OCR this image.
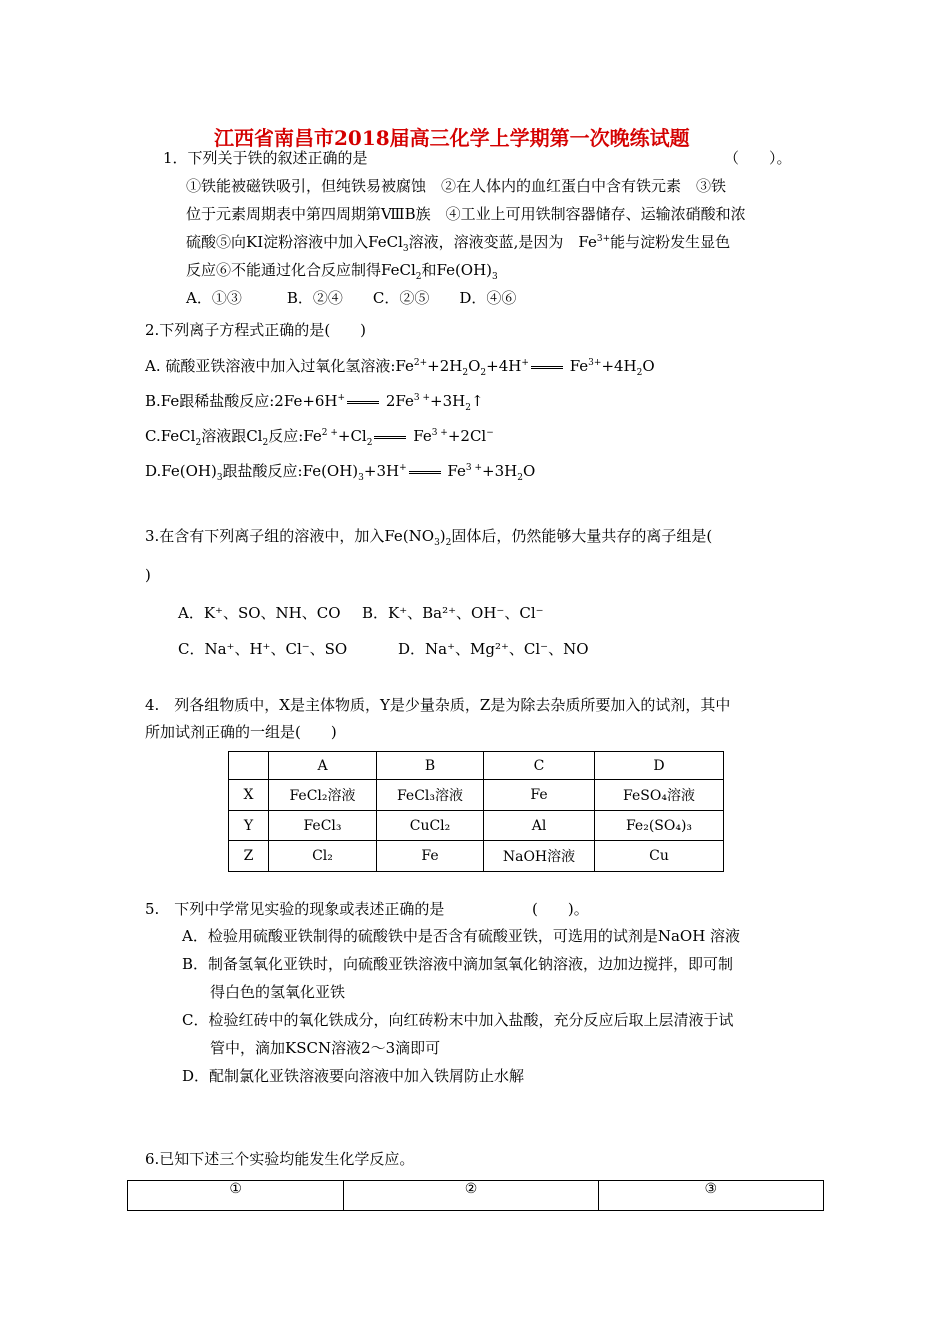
江西省南昌市2018届高三化学上学期第一次晚练试题
1．下列关于铁的叙述正确的是	（　　）。
①铁能被磁铁吸引，但纯铁易被腐蚀　②在人体内的血红蛋白中含有铁元素　③铁
位于元素周期表中第四周期第ⅧB族　④工业上可用铁制容器储存、运输浓硝酸和浓
硫酸⑤向KI淀粉溶液中加入FeCl$_3$溶液，溶液变蓝,是因为　$Fe^{3+}$能与淀粉发生显色
反应⑥不能通过化合反应制得FeCl$_2$和$Fe(OH)_3$
A．①③　　　B．②④　　C．②⑤　　D．④⑥
2.下列离子方程式正确的是(　　)
A. 硫酸亚铁溶液中加入过氧化氢溶液$:Fe^{2+}+2H_2O_2+4H^+$	$Fe^{3+}+4H_2O$
B.Fe跟稀盐酸反应:2Fe+6H+	$2Fe^{3 +}+3H_2↑$
C.FeCl$_2$溶液跟$Cl_2$反应$:Fe^{2 +}+Cl_2$	$Fe^{3 +}+2Cl^-$
$D.Fe(OH)_3$跟盐酸反应$:Fe(OH)_3+3H^+$	$Fe^{3 +}+3H_2O$
3.在含有下列离子组的溶液中，加入$Fe(NO_3)_2$固体后，仍然能够大量共存的离子组是(
)
A．K⁺、SO、NH、CO B．K⁺、Ba²⁺、OH⁻、Cl⁻
C．Na⁺、H⁺、Cl⁻、SO	D．Na⁺、Mg²⁺、Cl⁻、NO
4.　列各组物质中，X是主体物质，Y是少量杂质，Z是为除去杂质所要加入的试剂，其中
所加试剂正确的一组是(　　)
	A	B	C	D
X	FeCl₂溶液	FeCl₃溶液	Fe	FeSO₄溶液
Y	FeCl₃	CuCl₂	Al	Fe₂(SO₄)₃
Z	Cl₂	Fe	NaOH溶液	Cu
5.　下列中学常见实验的现象或表述正确的是	(　　)。
A．检验用硫酸亚铁制得的硫酸铁中是否含有硫酸亚铁，可选用的试剂是NaOH 溶液
B．制备氢氧化亚铁时，向硫酸亚铁溶液中滴加氢氧化钠溶液，边加边搅拌，即可制
得白色的氢氧化亚铁
C．检验红砖中的氧化铁成分，向红砖粉末中加入盐酸，充分反应后取上层清液于试
管中，滴加KSCN溶液2～3滴即可
D．配制氯化亚铁溶液要向溶液中加入铁屑防止水解
6.已知下述三个实验均能发生化学反应。
①	②	③
